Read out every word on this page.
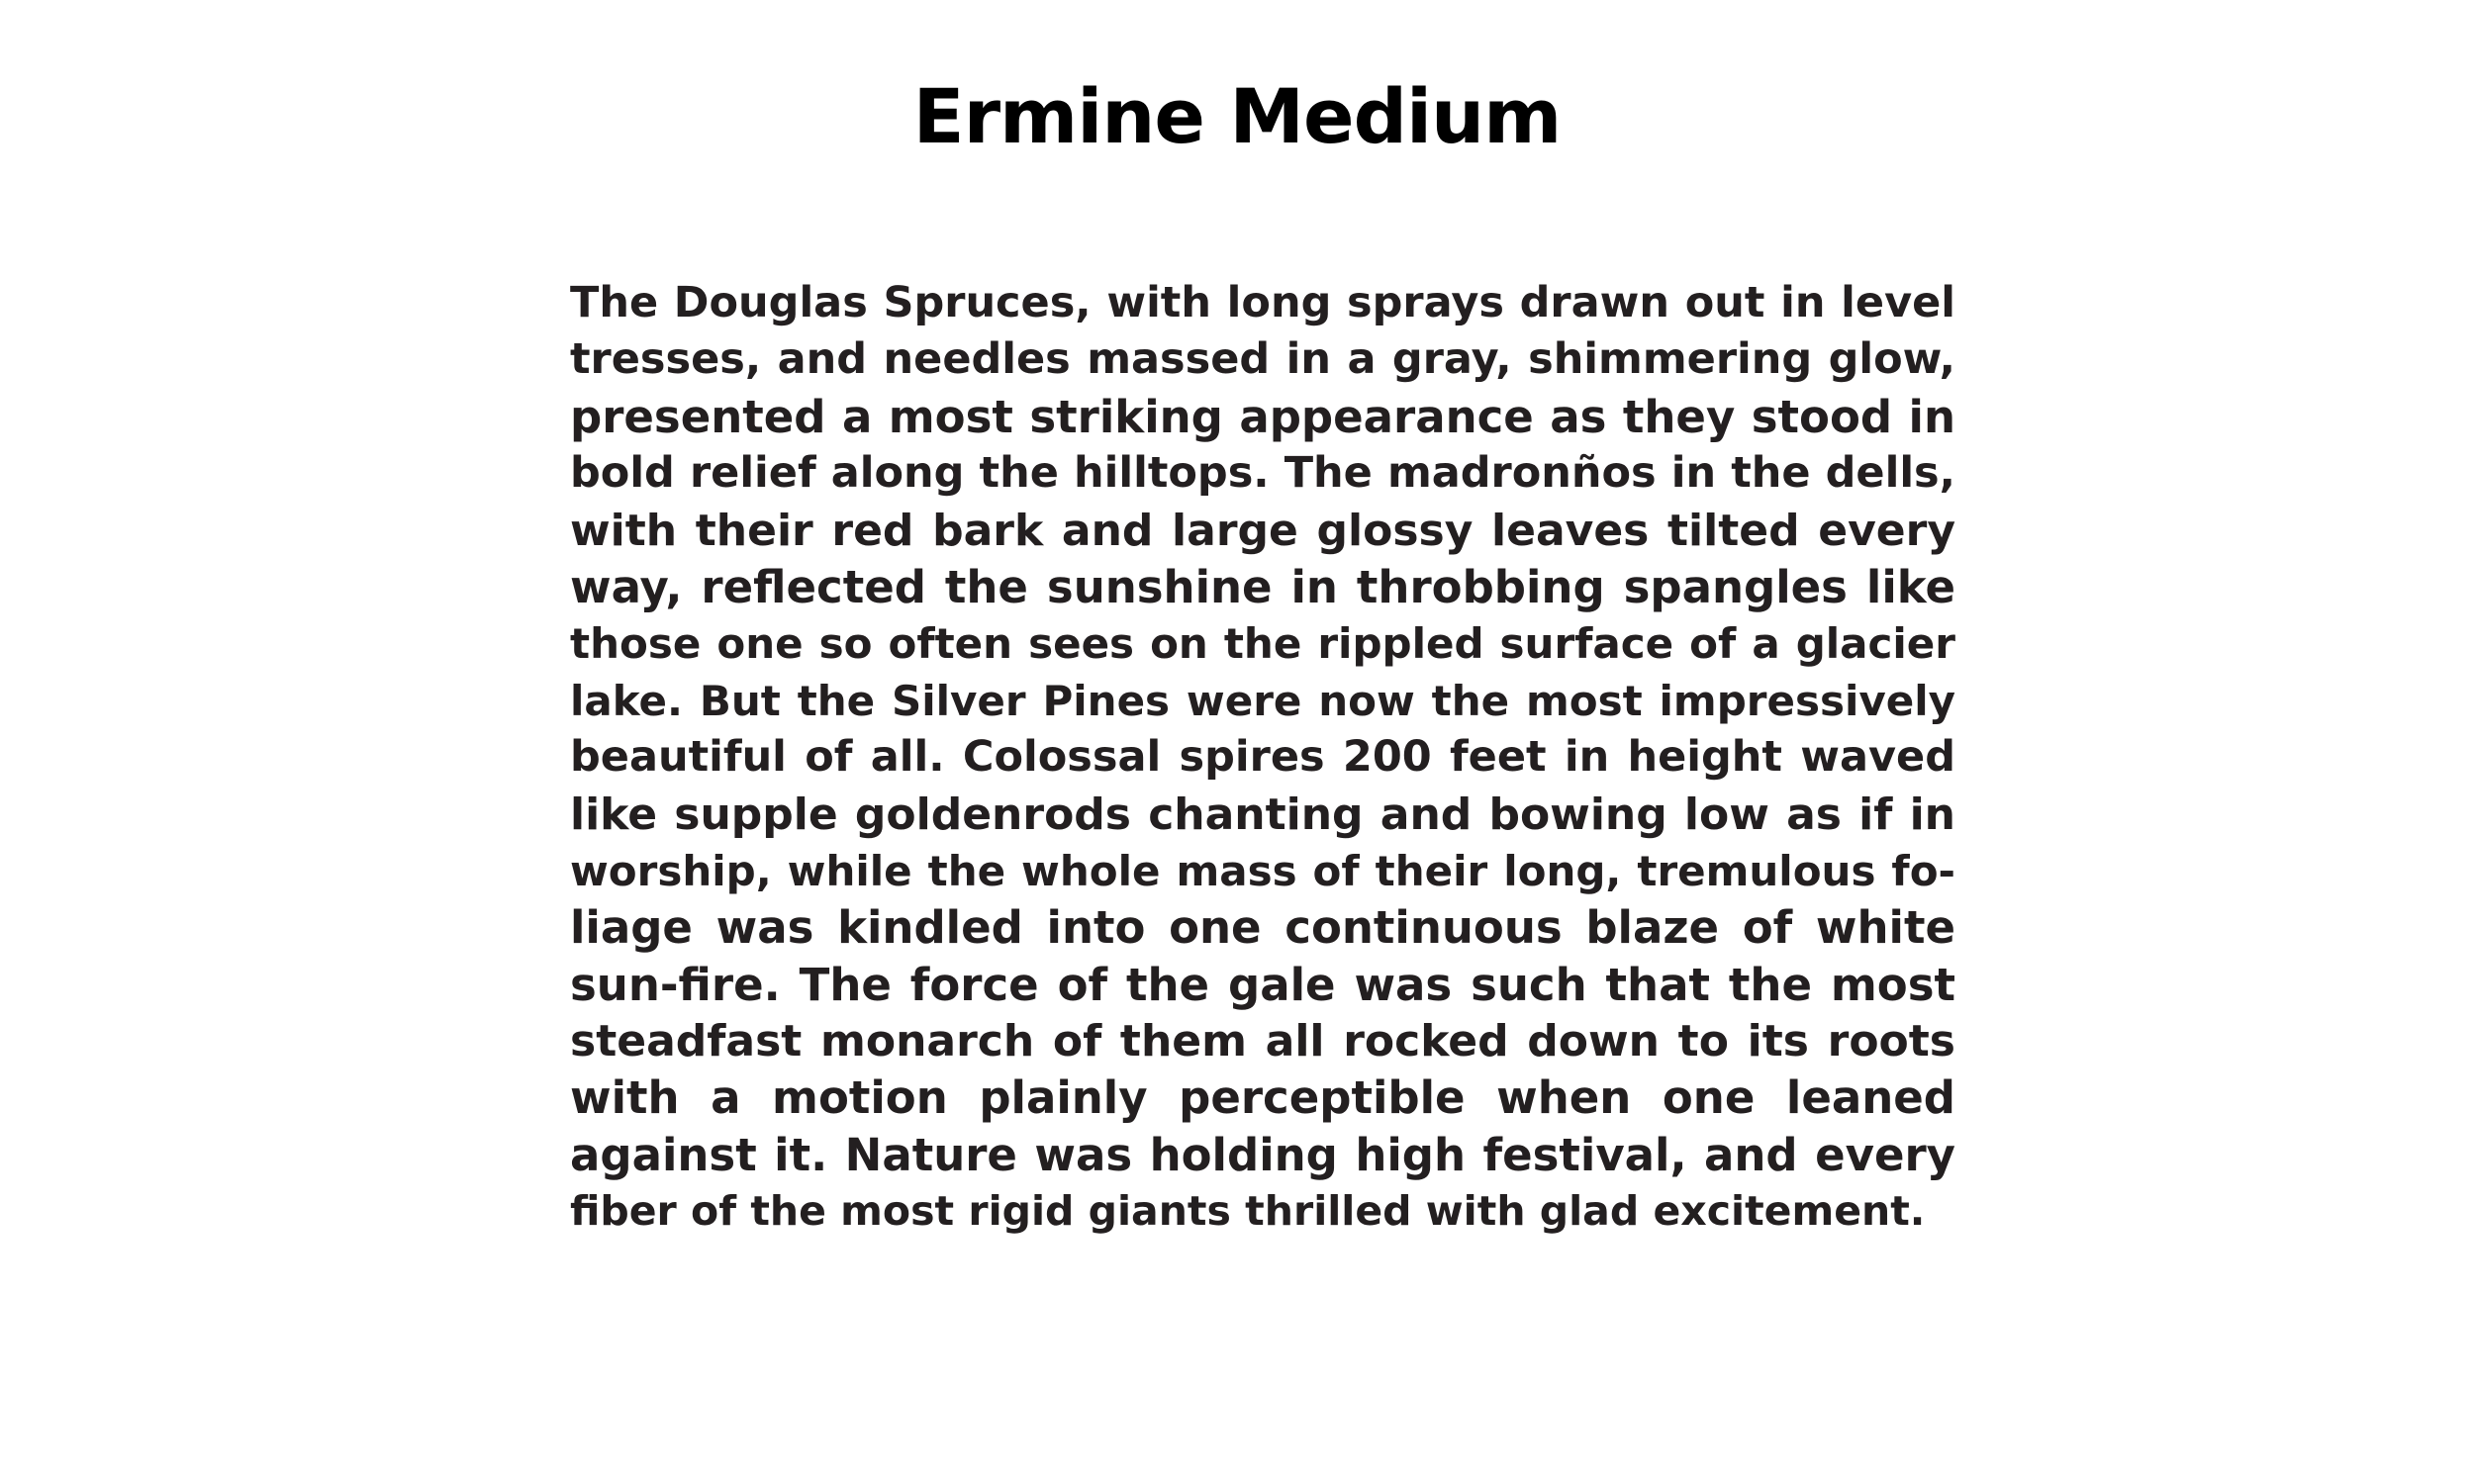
Ermine Medium
The Douglas Spruces, with long sprays drawn out in level
tresses, and needles massed in a gray, shimmering glow,
presented a most striking appearance as they stood in
bold relief along the hilltops. The madronños in the dells,
with their red bark and large glossy leaves tilted every
way, reflected the sunshine in throbbing spangles like
those one so often sees on the rippled surface of a glacier
lake. But the Silver Pines were now the most impressively
beautiful of all. Colossal spires 200 feet in height waved
like supple goldenrods chanting and bowing low as if in
worship, while the whole mass of their long, tremulous fo-
liage was kindled into one continuous blaze of white
sun-fire. The force of the gale was such that the most
steadfast monarch of them all rocked down to its roots
with a motion plainly perceptible when one leaned
against it. Nature was holding high festival, and every
fiber of the most rigid giants thrilled with glad excitement.
